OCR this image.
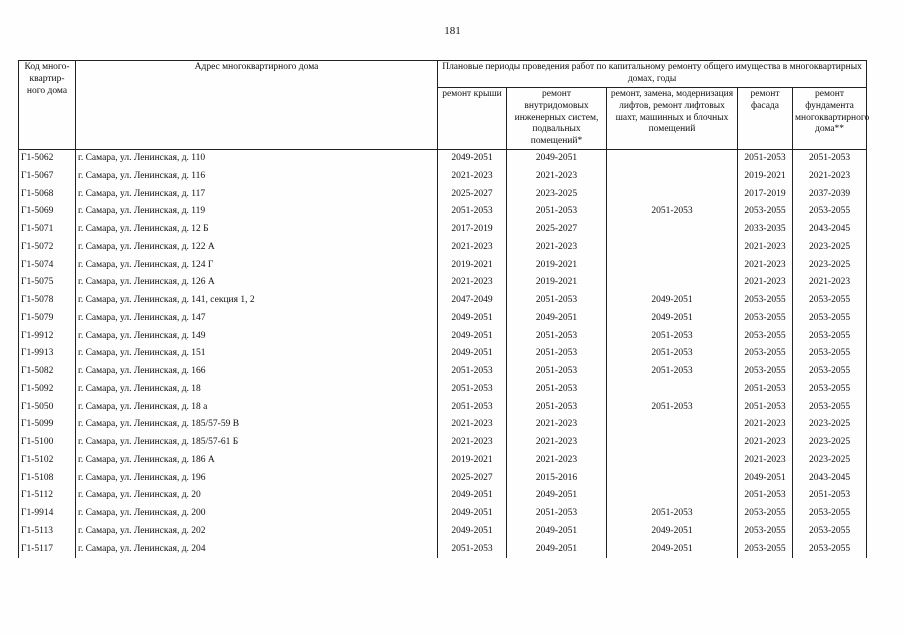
181
Код много-квартир-ного дома	Адрес многоквартирного дома	Плановые периоды проведения работ по капитальному ремонту общего имущества в многоквартирных домах, годы				
		ремонт крыши	ремонт внутридомовых инженерных систем, подвальных помещений*	ремонт, замена, модернизация лифтов, ремонт лифтовых шахт, машинных и блочных помещений	ремонт фасада	ремонт фундамента многоквартирного дома**
Г1-5062	г. Самара, ул. Ленинская, д. 110	2049-2051	2049-2051		2051-2053	2051-2053
Г1-5067	г. Самара, ул. Ленинская, д. 116	2021-2023	2021-2023		2019-2021	2021-2023
Г1-5068	г. Самара, ул. Ленинская, д. 117	2025-2027	2023-2025		2017-2019	2037-2039
Г1-5069	г. Самара, ул. Ленинская, д. 119	2051-2053	2051-2053	2051-2053	2053-2055	2053-2055
Г1-5071	г. Самара, ул. Ленинская, д. 12 Б	2017-2019	2025-2027		2033-2035	2043-2045
Г1-5072	г. Самара, ул. Ленинская, д. 122 А	2021-2023	2021-2023		2021-2023	2023-2025
Г1-5074	г. Самара, ул. Ленинская, д. 124 Г	2019-2021	2019-2021		2021-2023	2023-2025
Г1-5075	г. Самара, ул. Ленинская, д. 126 А	2021-2023	2019-2021		2021-2023	2021-2023
Г1-5078	г. Самара, ул. Ленинская, д. 141, секция 1, 2	2047-2049	2051-2053	2049-2051	2053-2055	2053-2055
Г1-5079	г. Самара, ул. Ленинская, д. 147	2049-2051	2049-2051	2049-2051	2053-2055	2053-2055
Г1-9912	г. Самара, ул. Ленинская, д. 149	2049-2051	2051-2053	2051-2053	2053-2055	2053-2055
Г1-9913	г. Самара, ул. Ленинская, д. 151	2049-2051	2051-2053	2051-2053	2053-2055	2053-2055
Г1-5082	г. Самара, ул. Ленинская, д. 166	2051-2053	2051-2053	2051-2053	2053-2055	2053-2055
Г1-5092	г. Самара, ул. Ленинская, д. 18	2051-2053	2051-2053		2051-2053	2053-2055
Г1-5050	г. Самара, ул. Ленинская, д. 18 а	2051-2053	2051-2053	2051-2053	2051-2053	2053-2055
Г1-5099	г. Самара, ул. Ленинская, д. 185/57-59 В	2021-2023	2021-2023		2021-2023	2023-2025
Г1-5100	г. Самара, ул. Ленинская, д. 185/57-61 Б	2021-2023	2021-2023		2021-2023	2023-2025
Г1-5102	г. Самара, ул. Ленинская, д. 186 А	2019-2021	2021-2023		2021-2023	2023-2025
Г1-5108	г. Самара, ул. Ленинская, д. 196	2025-2027	2015-2016		2049-2051	2043-2045
Г1-5112	г. Самара, ул. Ленинская, д. 20	2049-2051	2049-2051		2051-2053	2051-2053
Г1-9914	г. Самара, ул. Ленинская, д. 200	2049-2051	2051-2053	2051-2053	2053-2055	2053-2055
Г1-5113	г. Самара, ул. Ленинская, д. 202	2049-2051	2049-2051	2049-2051	2053-2055	2053-2055
Г1-5117	г. Самара, ул. Ленинская, д. 204	2051-2053	2049-2051	2049-2051	2053-2055	2053-2055
